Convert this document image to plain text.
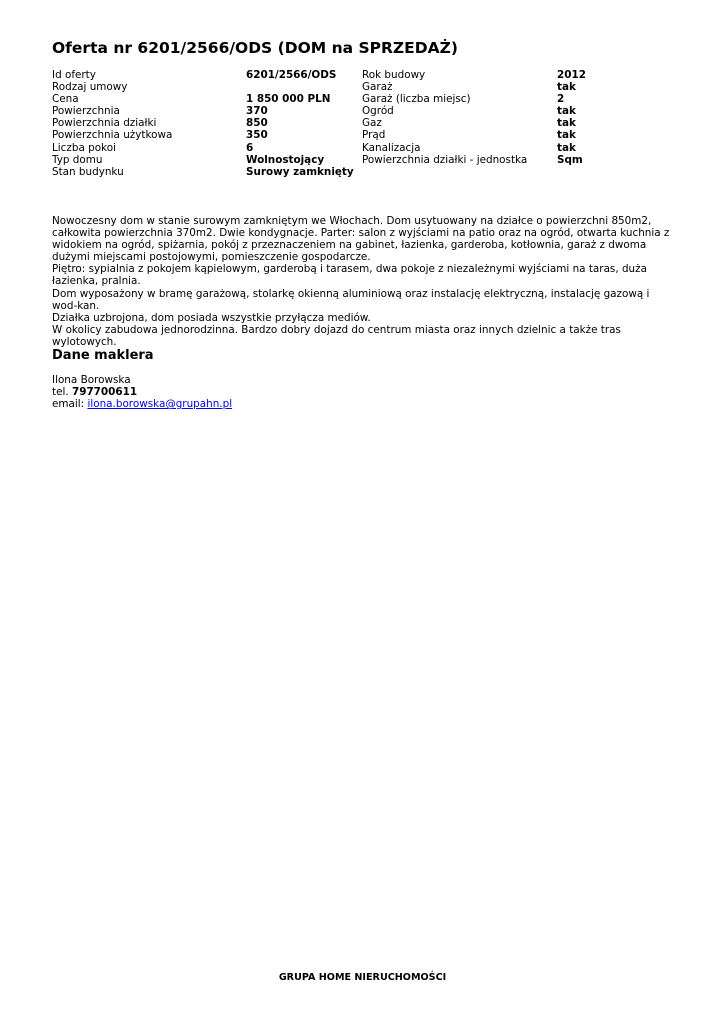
Oferta nr 6201/2566/ODS (DOM na SPRZEDAŻ)
Id oferty	6201/2566/ODS
Rodzaj umowy
Cena	1 850 000 PLN
Powierzchnia	370
Powierzchnia działki	850
Powierzchnia użytkowa	350
Liczba pokoi	6
Typ domu	Wolnostojący
Stan budynku	Surowy zamknięty
Rok budowy	2012
Garaż	tak
Garaż (liczba miejsc)	2
Ogród	tak
Gaz	tak
Prąd	tak
Kanalizacja	tak
Powierzchnia działki - jednostka	Sqm

Nowoczesny dom w stanie surowym zamkniętym we Włochach. Dom usytuowany na działce o powierzchni 850m2, całkowita powierzchnia 370m2. Dwie kondygnacje. Parter: salon z wyjściami na patio oraz na ogród, otwarta kuchnia z widokiem na ogród, spiżarnia, pokój z przeznaczeniem na gabinet, łazienka, garderoba, kotłownia, garaż z dwoma dużymi miejscami postojowymi, pomieszczenie gospodarcze.

Piętro: sypialnia z pokojem kąpielowym, garderobą i tarasem, dwa pokoje z niezależnymi wyjściami na taras, duża łazienka, pralnia.

Dom wyposażony w bramę garażową, stolarkę okienną aluminiową oraz instalację elektryczną, instalację gazową i wod-kan.

Działka uzbrojona, dom posiada wszystkie przyłącza mediów.

W okolicy zabudowa jednorodzinna. Bardzo dobry dojazd do centrum miasta oraz innych dzielnic a także tras wylotowych.

Dane maklera
Ilona Borowska
tel. 797700611
email: ilona.borowska@grupahn.pl
GRUPA HOME NIERUCHOMOŚCI
